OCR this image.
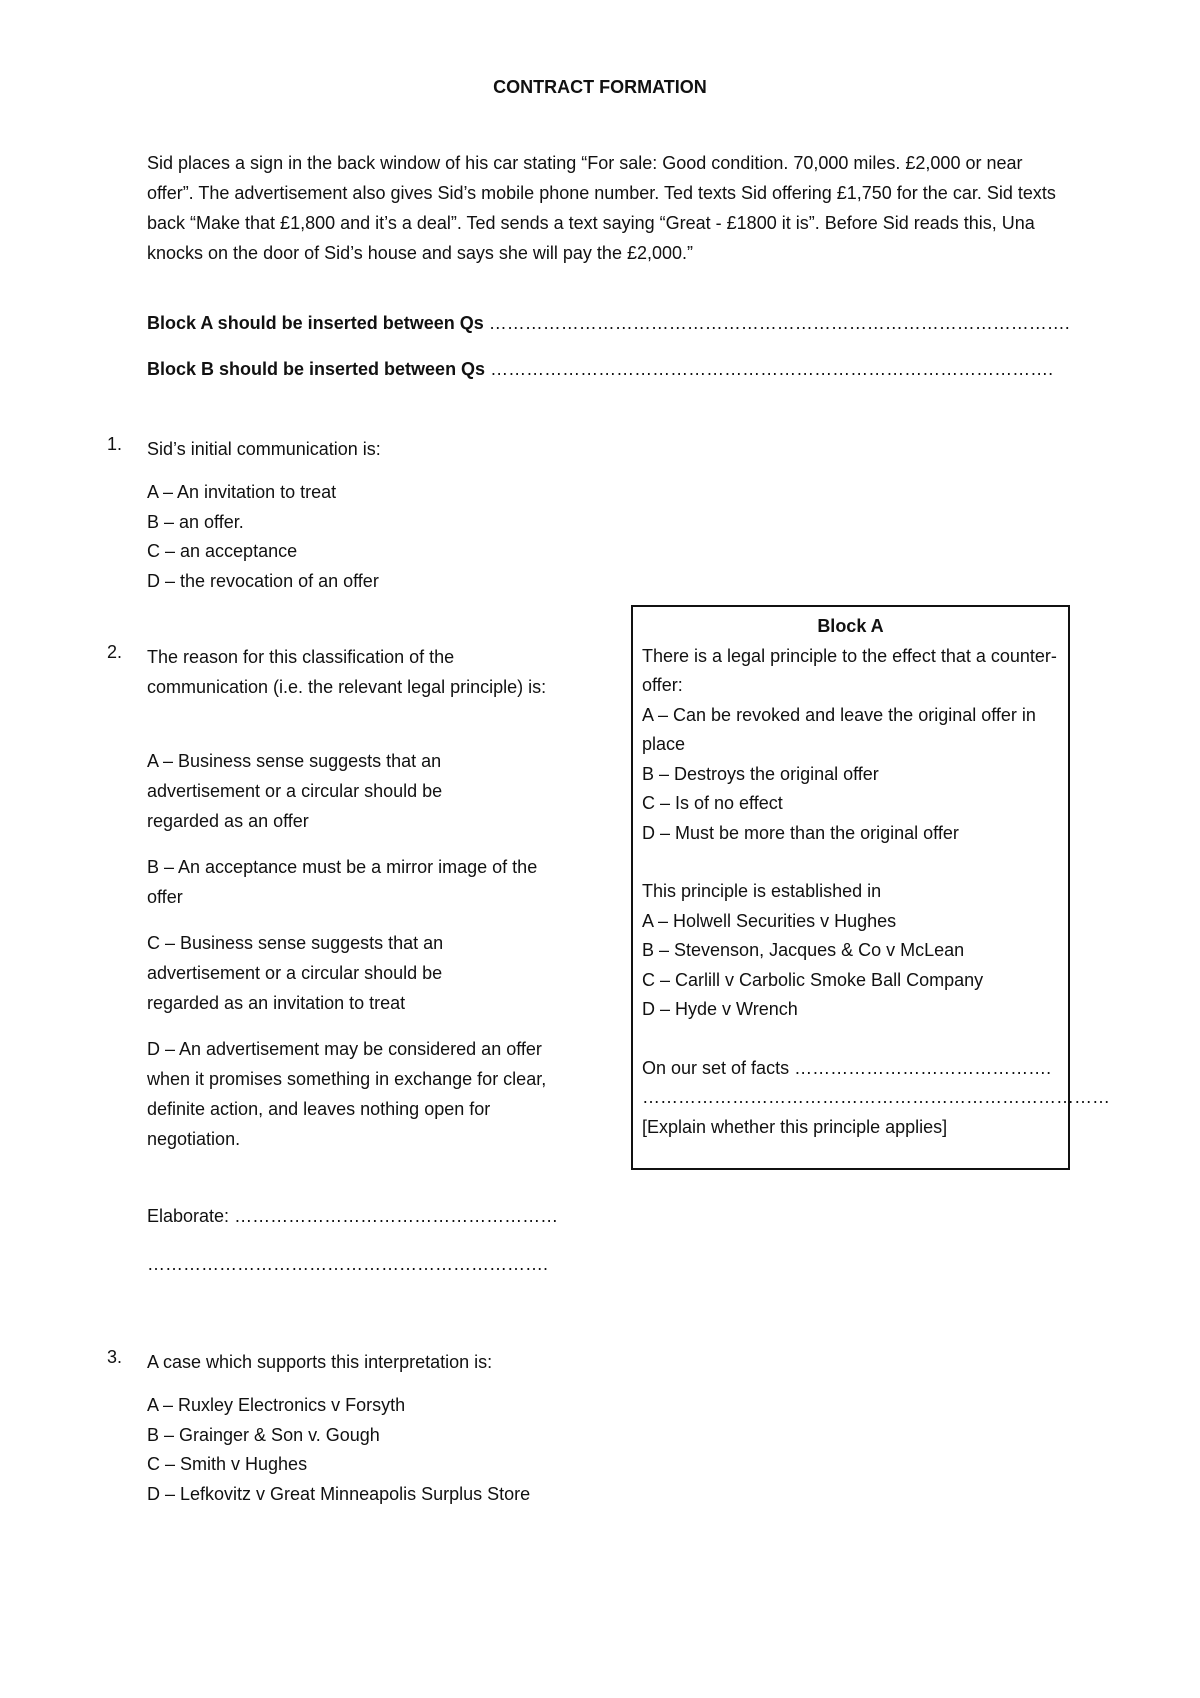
CONTRACT FORMATION

Sid places a sign in the back window of his car stating “For sale: Good condition. 70,000 miles. £2,000 or near offer”. The advertisement also gives Sid’s mobile phone number. Ted texts Sid offering £1,750 for the car. Sid texts back “Make that £1,800 and it’s a deal”. Ted sends a text saying “Great - £1800 it is”. Before Sid reads this, Una knocks on the door of Sid’s house and says she will pay the £2,000.”

Block A should be inserted between Qs …………………………………………………………………………………….
Block B should be inserted between Qs ………………………………………………………………………………….
1. Sid’s initial communication is:
A – An invitation to treat
B – an offer.
C – an acceptance
D – the revocation of an offer
2. The reason for this classification of the communication (i.e. the relevant legal principle) is:

A – Business sense suggests that an advertisement or a circular should be regarded as an offer

B – An acceptance must be a mirror image of the offer

C – Business sense suggests that an advertisement or a circular should be regarded as an invitation to treat

D – An advertisement may be considered an offer when it promises something in exchange for clear, definite action, and leaves nothing open for negotiation.

Elaborate: ………………………………………………
………………………………………………………….
3. A case which supports this interpretation is:
A – Ruxley Electronics v Forsyth
B – Grainger & Son v. Gough
C – Smith v Hughes
D – Lefkovitz v Great Minneapolis Surplus Store
Block A
There is a legal principle to the effect that a counter-offer:
A – Can be revoked and leave the original offer in place
B – Destroys the original offer
C – Is of no effect
D – Must be more than the original offer
This principle is established in
A – Holwell Securities v Hughes
B – Stevenson, Jacques & Co v McLean
C – Carlill v Carbolic Smoke Ball Company
D – Hyde v Wrench
On our set of facts …………………………………….
……………………………………………………………………
[Explain whether this principle applies]
